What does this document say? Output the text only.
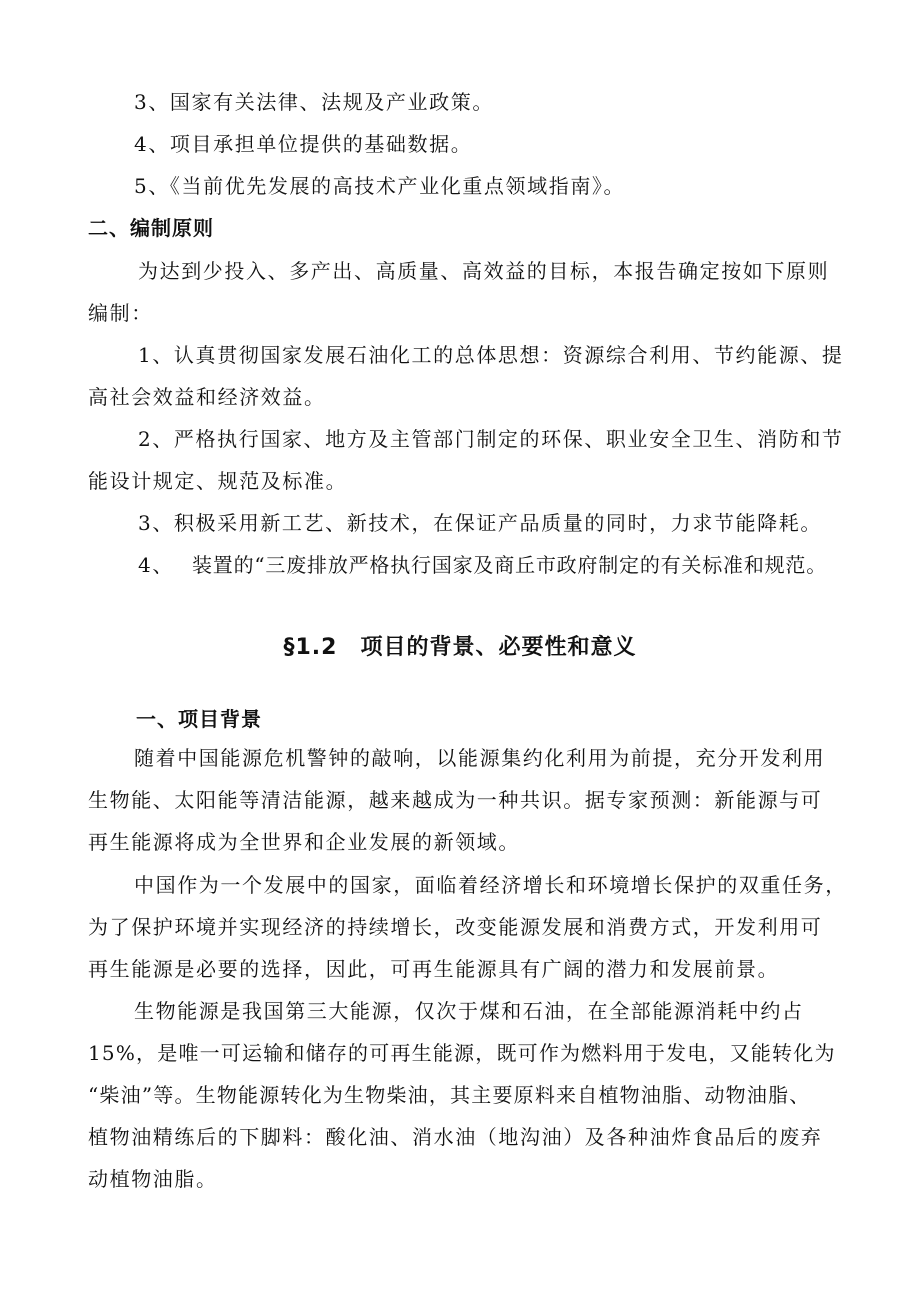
3、国家有关法律、法规及产业政策。
4、项目承担单位提供的基础数据。
5、《当前优先发展的高技术产业化重点领域指南》。
二、编制原则
为达到少投入、多产出、高质量、高效益的目标，本报告确定按如下原则
编制：
1、认真贯彻国家发展石油化工的总体思想：资源综合利用、节约能源、提
高社会效益和经济效益。
2、严格执行国家、地方及主管部门制定的环保、职业安全卫生、消防和节
能设计规定、规范及标准。
3、积极采用新工艺、新技术，在保证产品质量的同时，力求节能降耗。
4、 装置的“三废排放严格执行国家及商丘市政府制定的有关标准和规范。
§1.2　项目的背景、必要性和意义
一、项目背景
随着中国能源危机警钟的敲响，以能源集约化利用为前提，充分开发利用
生物能、太阳能等清洁能源，越来越成为一种共识。据专家预测：新能源与可
再生能源将成为全世界和企业发展的新领域。
中国作为一个发展中的国家，面临着经济增长和环境增长保护的双重任务，
为了保护环境并实现经济的持续增长，改变能源发展和消费方式，开发利用可
再生能源是必要的选择，因此，可再生能源具有广阔的潜力和发展前景。
生物能源是我国第三大能源，仅次于煤和石油，在全部能源消耗中约占
15%，是唯一可运输和储存的可再生能源，既可作为燃料用于发电，又能转化为
“柴油”等。生物能源转化为生物柴油，其主要原料来自植物油脂、动物油脂、
植物油精练后的下脚料：酸化油、消水油（地沟油）及各种油炸食品后的废弃
动植物油脂。
